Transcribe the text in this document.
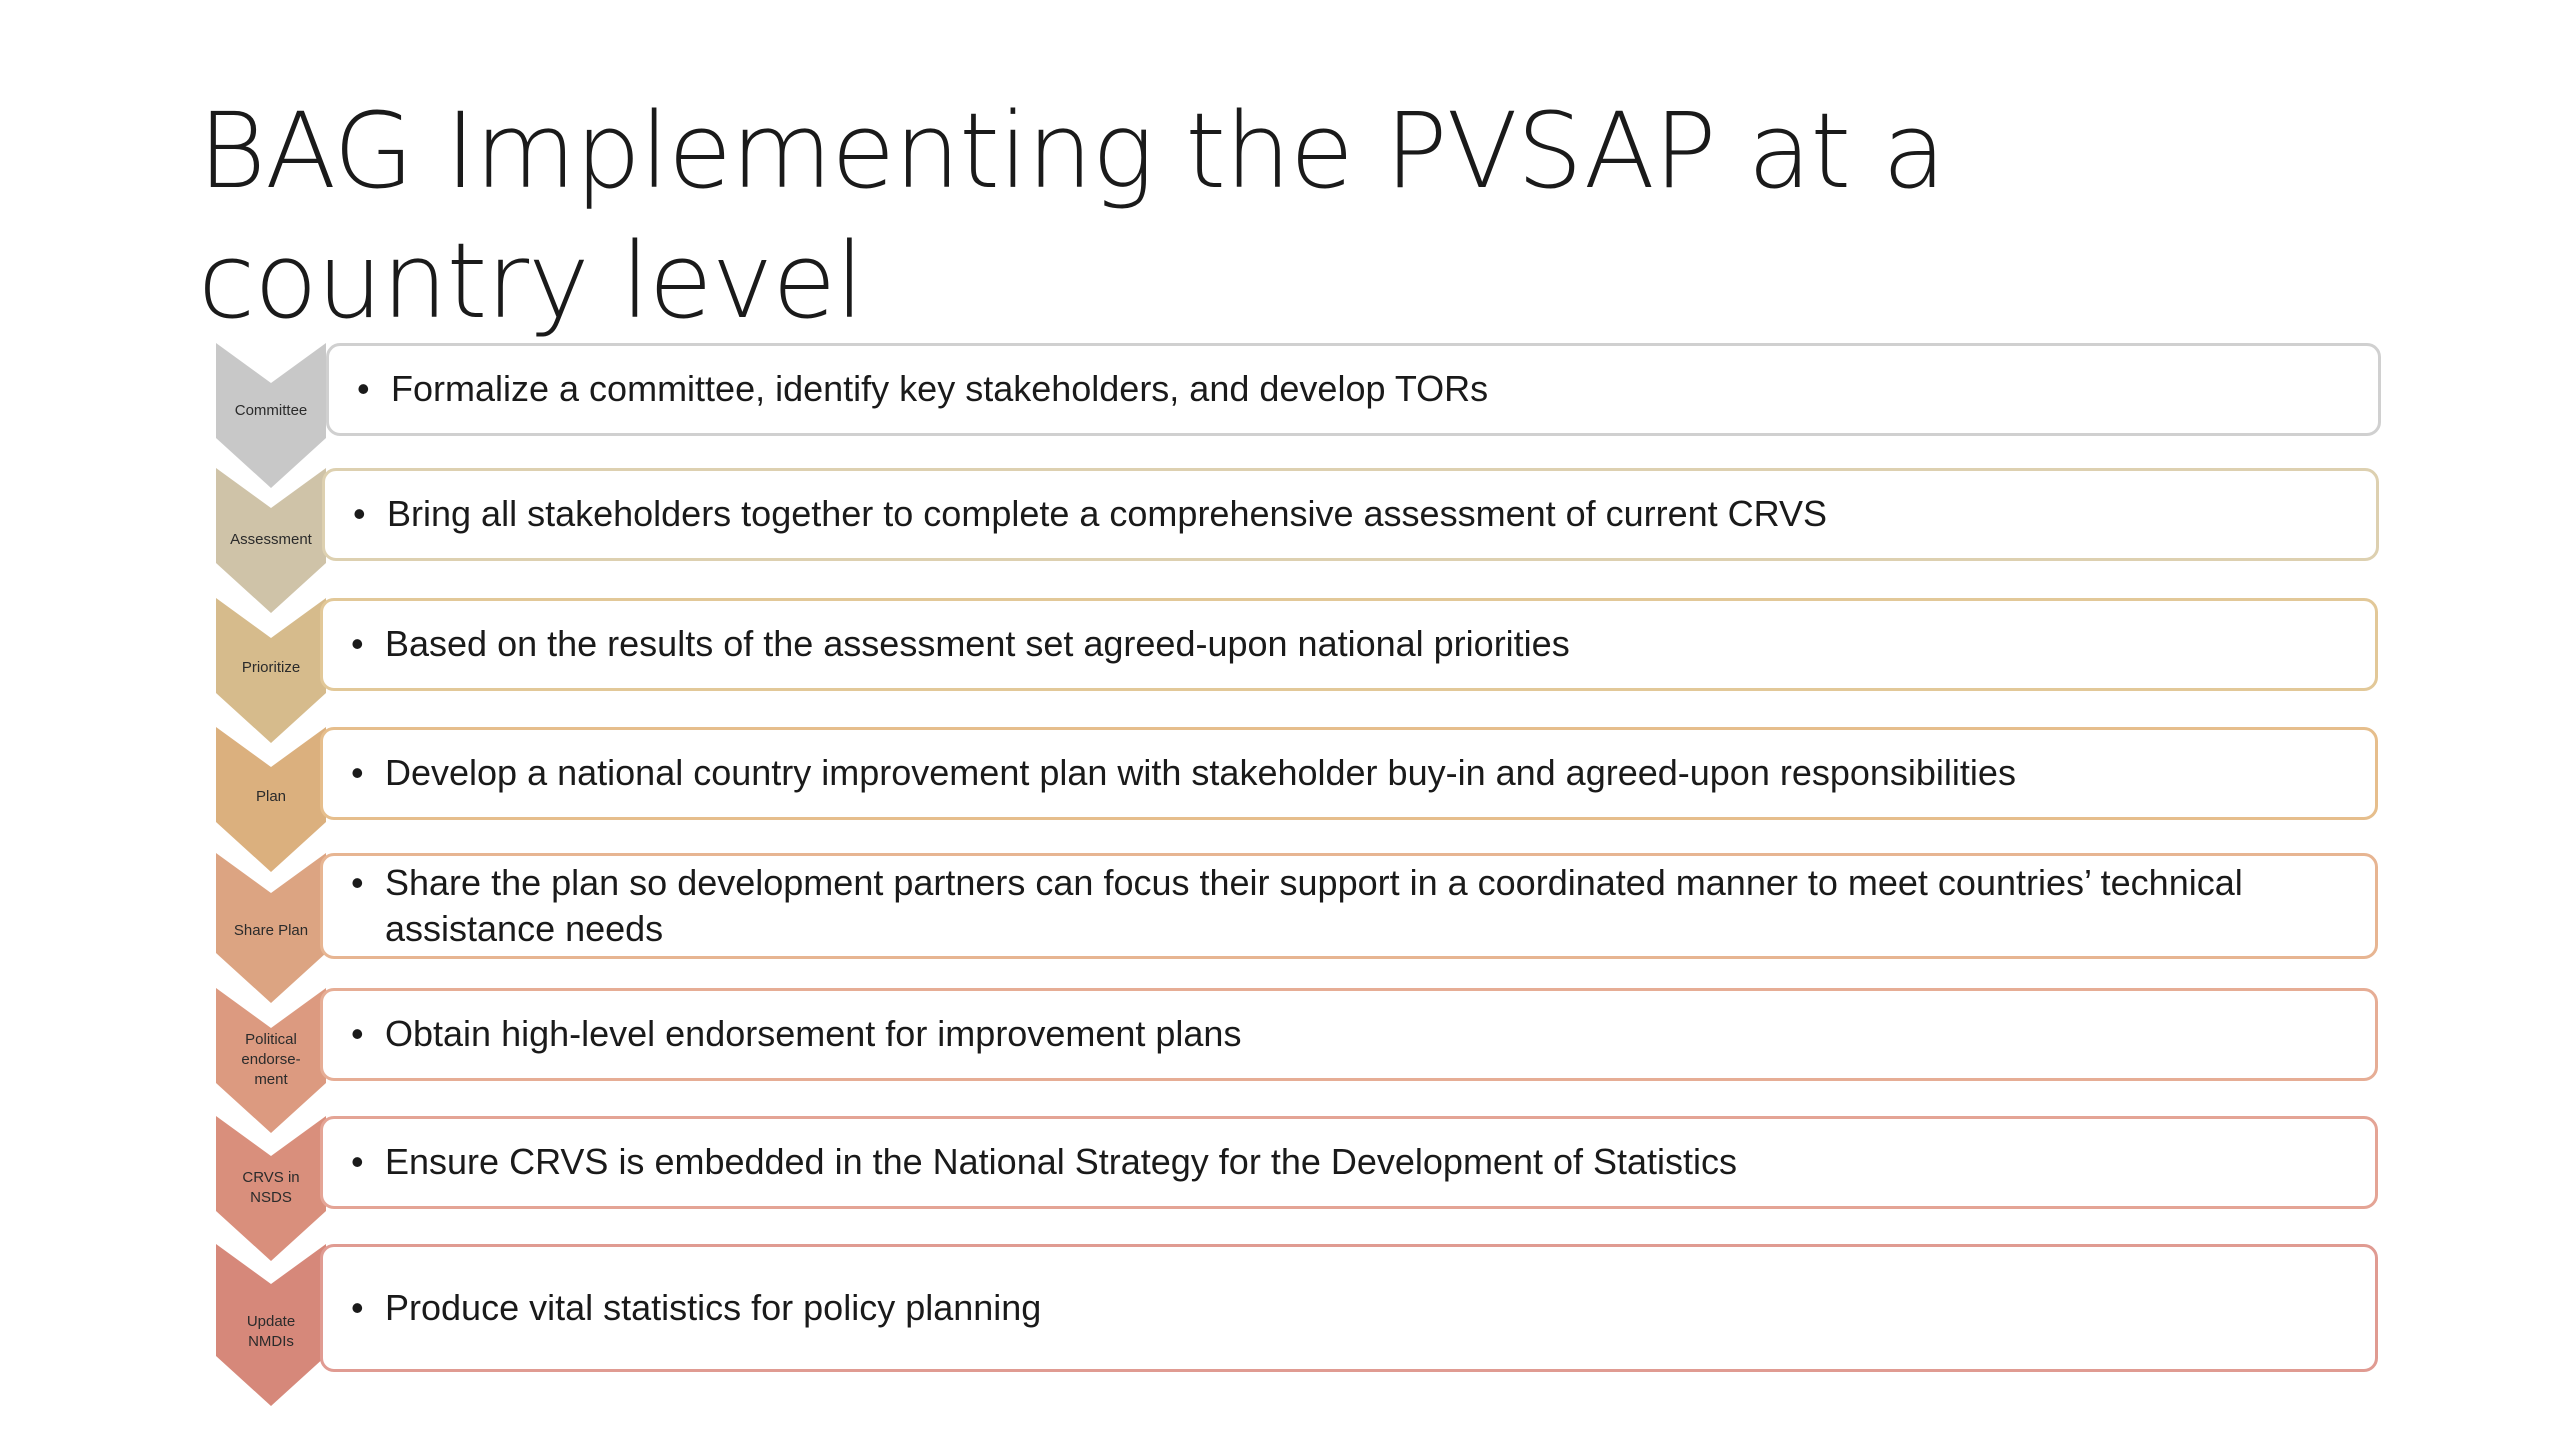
BAG Implementing the PVSAP at a country level
Committee
• Formalize a committee, identify key stakeholders, and develop TORs
Assessment
• Bring all stakeholders together to complete a comprehensive assessment of current CRVS
Prioritize
• Based on the results of the assessment set agreed-upon national priorities
Plan
• Develop a national country improvement plan with stakeholder buy-in and agreed-upon responsibilities
Share Plan
• Share the plan so development partners can focus their support in a coordinated manner to meet countries’ technical assistance needs
Political
endorse-
ment
• Obtain high-level endorsement for improvement plans
CRVS in
NSDS
• Ensure CRVS is embedded in the National Strategy for the Development of Statistics
Update
NMDIs
• Produce vital statistics for policy planning
